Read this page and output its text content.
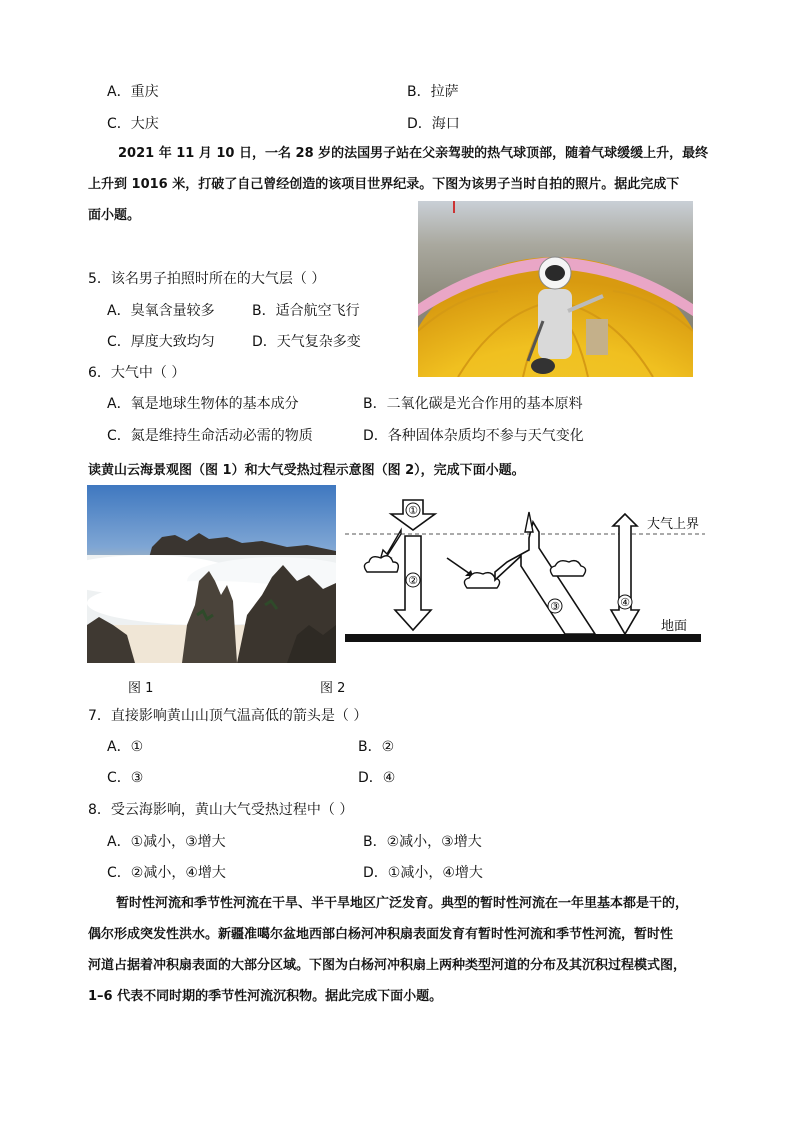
A．重庆	B．拉萨
C．大庆	D．海口
2021 年 11 月 10 日，一名 28 岁的法国男子站在父亲驾驶的热气球顶部，随着气球缓缓上升，最终
上升到 1016 米，打破了自己曾经创造的该项目世界纪录。下图为该男子当时自拍的照片。据此完成下
面小题。
5．该名男子拍照时所在的大气层（ ）
A．臭氧含量较多	B．适合航空飞行
C．厚度大致均匀	D．天气复杂多变
6．大气中（ ）
A．氧是地球生物体的基本成分	B．二氧化碳是光合作用的基本原料
C．氮是维持生命活动必需的物质	D．各种固体杂质均不参与天气变化
读黄山云海景观图（图 1）和大气受热过程示意图（图 2），完成下面小题。
①
②
③	④
大气上界
地面
图 1	图 2
7．直接影响黄山山顶气温高低的箭头是（ ）
A．①	B．②
C．③	D．④
8．受云海影响，黄山大气受热过程中（ ）
A．①减小，③增大	B．②减小，③增大
C．②减小，④增大	D．①减小，④增大
暂时性河流和季节性河流在干旱、半干旱地区广泛发育。典型的暂时性河流在一年里基本都是干的，
偶尔形成突发性洪水。新疆准噶尔盆地西部白杨河冲积扇表面发育有暂时性河流和季节性河流，暂时性
河道占据着冲积扇表面的大部分区域。下图为白杨河冲积扇上两种类型河道的分布及其沉积过程模式图，
1–6 代表不同时期的季节性河流沉积物。据此完成下面小题。
